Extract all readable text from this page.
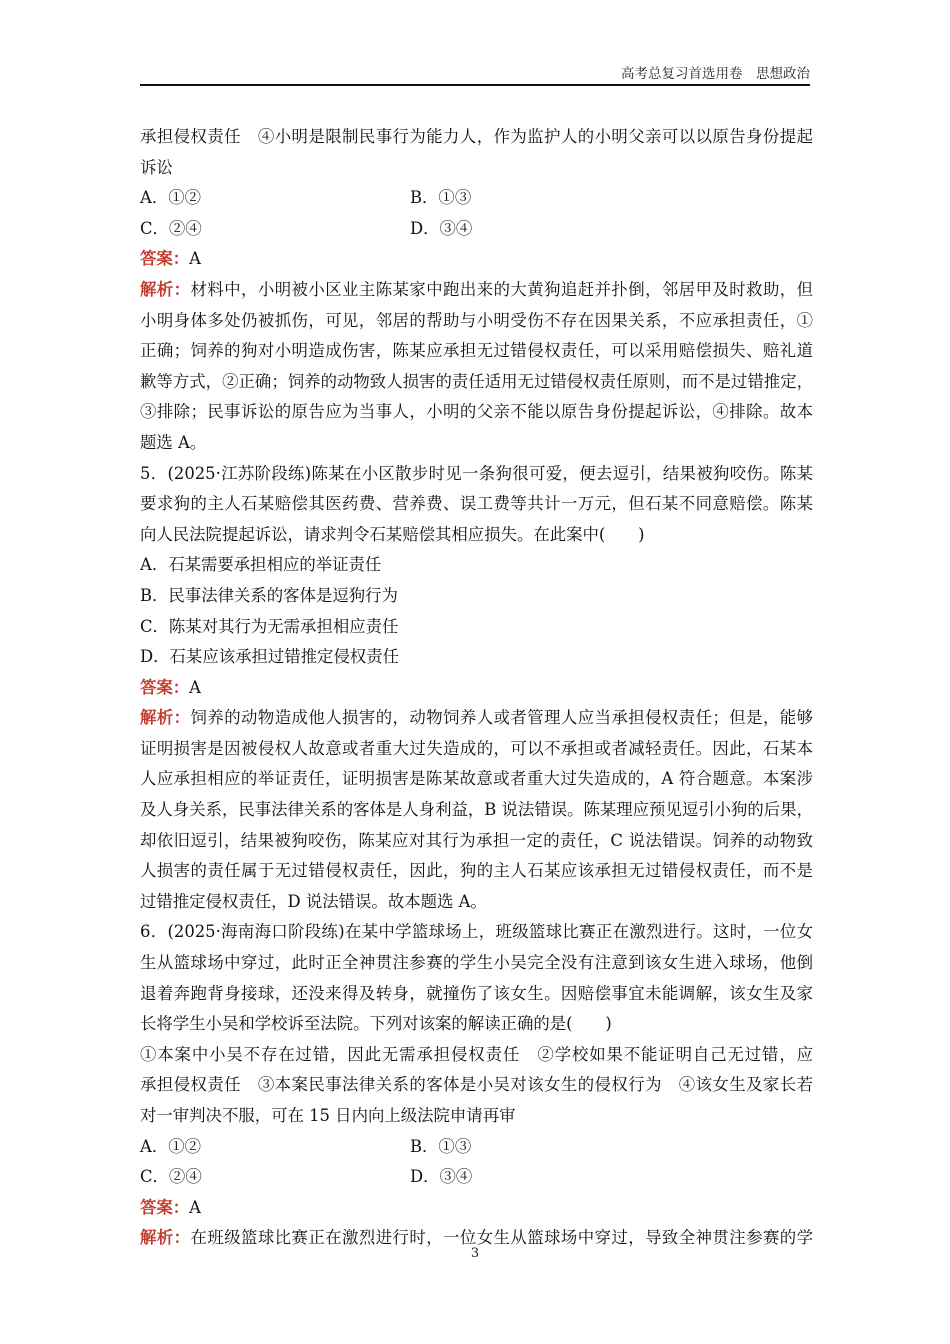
高考总复习首选用卷　思想政治
承担侵权责任　④小明是限制民事行为能力人，作为监护人的小明父亲可以以原告身份提起
诉讼
A．①②	B．①③
C．②④	D．③④
答案：A
解析：材料中，小明被小区业主陈某家中跑出来的大黄狗追赶并扑倒，邻居甲及时救助，但
小明身体多处仍被抓伤，可见，邻居的帮助与小明受伤不存在因果关系，不应承担责任，①
正确；饲养的狗对小明造成伤害，陈某应承担无过错侵权责任，可以采用赔偿损失、赔礼道
歉等方式，②正确；饲养的动物致人损害的责任适用无过错侵权责任原则，而不是过错推定，
③排除；民事诉讼的原告应为当事人，小明的父亲不能以原告身份提起诉讼，④排除。故本
题选 A。
5．(2025·江苏阶段练)陈某在小区散步时见一条狗很可爱，便去逗引，结果被狗咬伤。陈某
要求狗的主人石某赔偿其医药费、营养费、误工费等共计一万元，但石某不同意赔偿。陈某
向人民法院提起诉讼，请求判令石某赔偿其相应损失。在此案中(　　)
A．石某需要承担相应的举证责任
B．民事法律关系的客体是逗狗行为
C．陈某对其行为无需承担相应责任
D．石某应该承担过错推定侵权责任
答案：A
解析：饲养的动物造成他人损害的，动物饲养人或者管理人应当承担侵权责任；但是，能够
证明损害是因被侵权人故意或者重大过失造成的，可以不承担或者减轻责任。因此，石某本
人应承担相应的举证责任，证明损害是陈某故意或者重大过失造成的，A 符合题意。本案涉
及人身关系，民事法律关系的客体是人身利益，B 说法错误。陈某理应预见逗引小狗的后果，
却依旧逗引，结果被狗咬伤，陈某应对其行为承担一定的责任，C 说法错误。饲养的动物致
人损害的责任属于无过错侵权责任，因此，狗的主人石某应该承担无过错侵权责任，而不是
过错推定侵权责任，D 说法错误。故本题选 A。
6．(2025·海南海口阶段练)在某中学篮球场上，班级篮球比赛正在激烈进行。这时，一位女
生从篮球场中穿过，此时正全神贯注参赛的学生小吴完全没有注意到该女生进入球场，他倒
退着奔跑背身接球，还没来得及转身，就撞伤了该女生。因赔偿事宜未能调解，该女生及家
长将学生小吴和学校诉至法院。下列对该案的解读正确的是(　　)
①本案中小吴不存在过错，因此无需承担侵权责任　②学校如果不能证明自己无过错，应
承担侵权责任　③本案民事法律关系的客体是小吴对该女生的侵权行为　④该女生及家长若
对一审判决不服，可在 15 日内向上级法院申请再审
A．①②	B．①③
C．②④	D．③④
答案：A
解析：在班级篮球比赛正在激烈进行时，一位女生从篮球场中穿过，导致全神贯注参赛的学
3
